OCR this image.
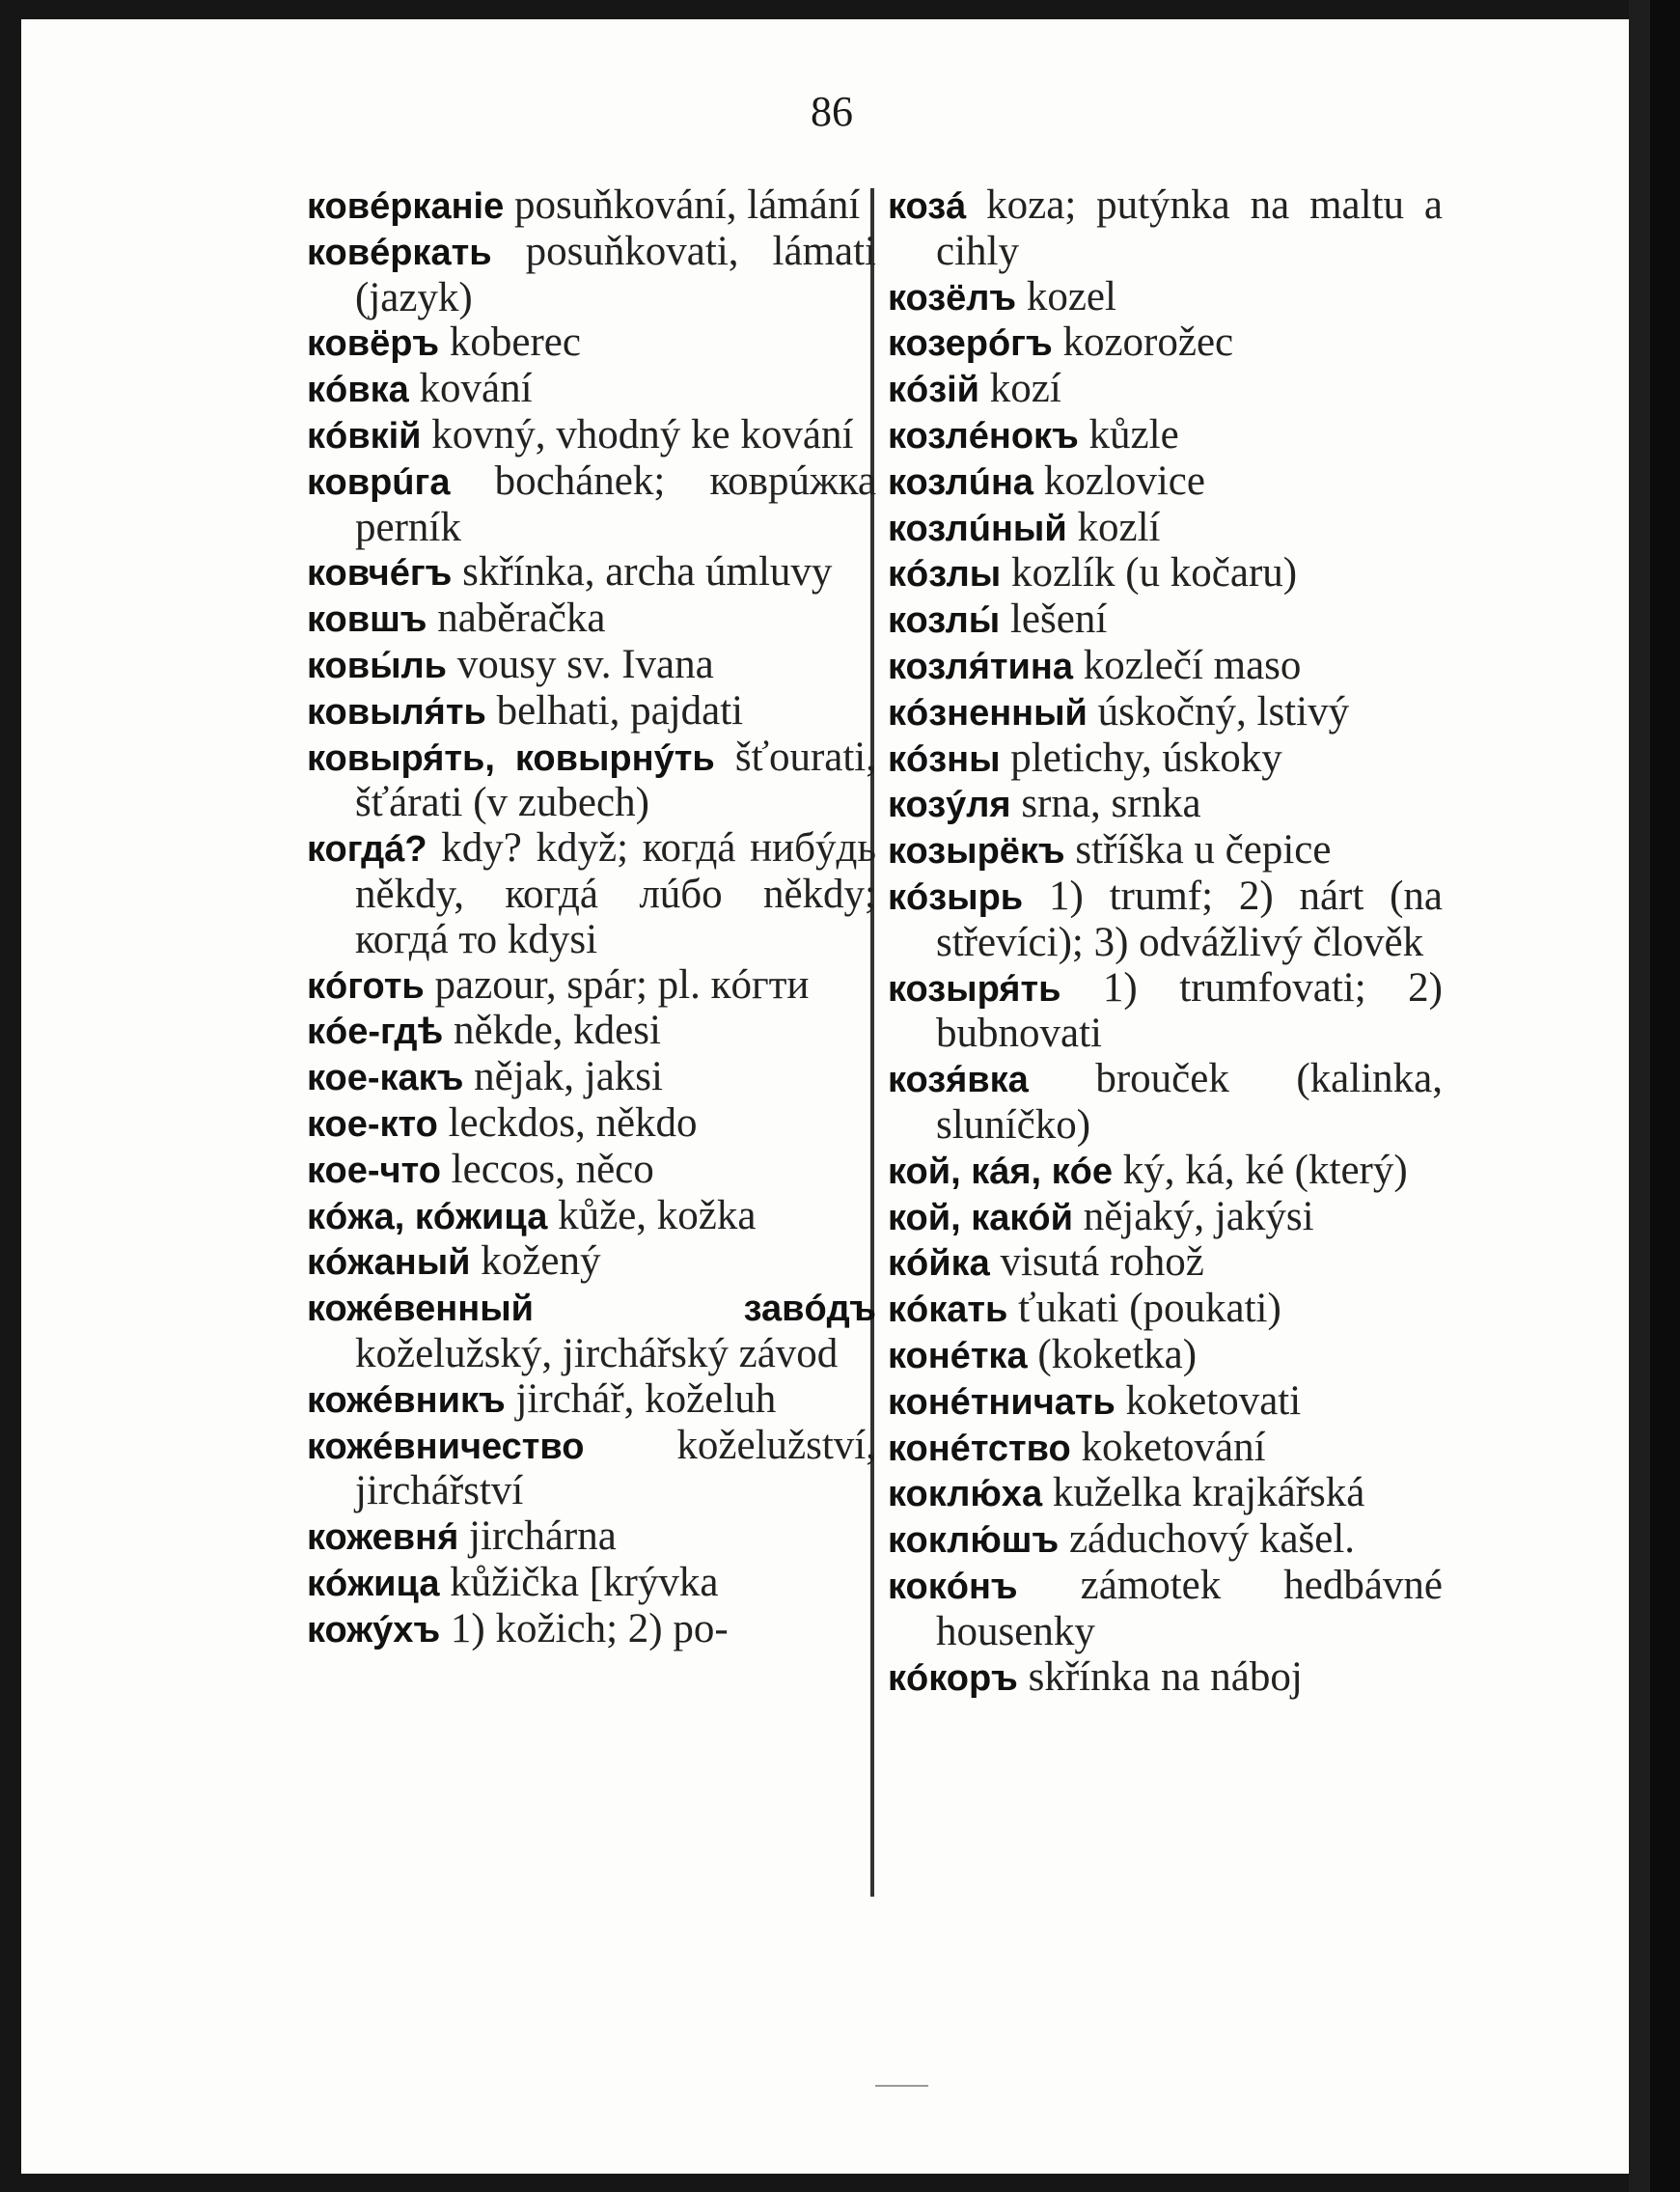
86
ковéрканіе posuňkování, lámání
ковéркать posuňkovati, lámati (jazyk)
ковёръ koberec
кóвка kování
кóвкій kovný, vhodný ke kování
коврúга bochánek; коврúжка perník
ковчéгъ skřínka, archa úmluvy
ковшъ naběračka
ковы́ль vousy sv. Ivana
ковыля́ть belhati, pajdati
ковыря́ть, ковырнýть šťourati, šťárati (v zubech)
когдá? kdy? když; когдá нибýдь někdy, когдá лúбо někdy; когдá то kdysi
кóготь pazour, spár; pl. кóгти
кóе-гдѣ někde, kdesi
кое-какъ nějak, jaksi
кое-кто leckdos, někdo
кое-что leccos, něco
кóжа, кóжица kůže, kožka
кóжаный kožený
кожéвенный завóдъ koželužský, jirchářský závod
кожéвникъ jirchář, koželuh
кожéвничество koželužství, jirchářství
кожевня́ jirchárna
кóжица kůžička [krývka
кожýхъ 1) kožich; 2) po-
козá koza; putýnka na maltu a cihly
козёлъ kozel
козерóгъ kozorožec
кóзій kozí
козлéнокъ kůzle
козлúна kozlovice
козлúный kozlí
кóзлы kozlík (u kočaru)
козлы́ lešení
козля́тина kozlečí maso
кóзненный úskočný, lstivý
кóзны pletichy, úskoky
козýля srna, srnka
козырёкъ stříška u čepice
кóзырь 1) trumf; 2) nárt (na střevíci); 3) odvážlivý člověk
козыря́ть 1) trumfovati; 2) bubnovati
козя́вка brouček (kalinka, sluníčko)
кой, кáя, кóе ký, ká, ké (který)
кой, какóй nějaký, jakýsi
кóйка visutá rohož
кóкать ťukati (poukati)
конéтка (koketka)
конéтничать koketovati
конéтство koketování
коклю́ха kuželka krajkářská
коклю́шъ záduchový kašel.
кокóнъ zámotek hedbávné housenky
кóкоръ skřínka na náboj
